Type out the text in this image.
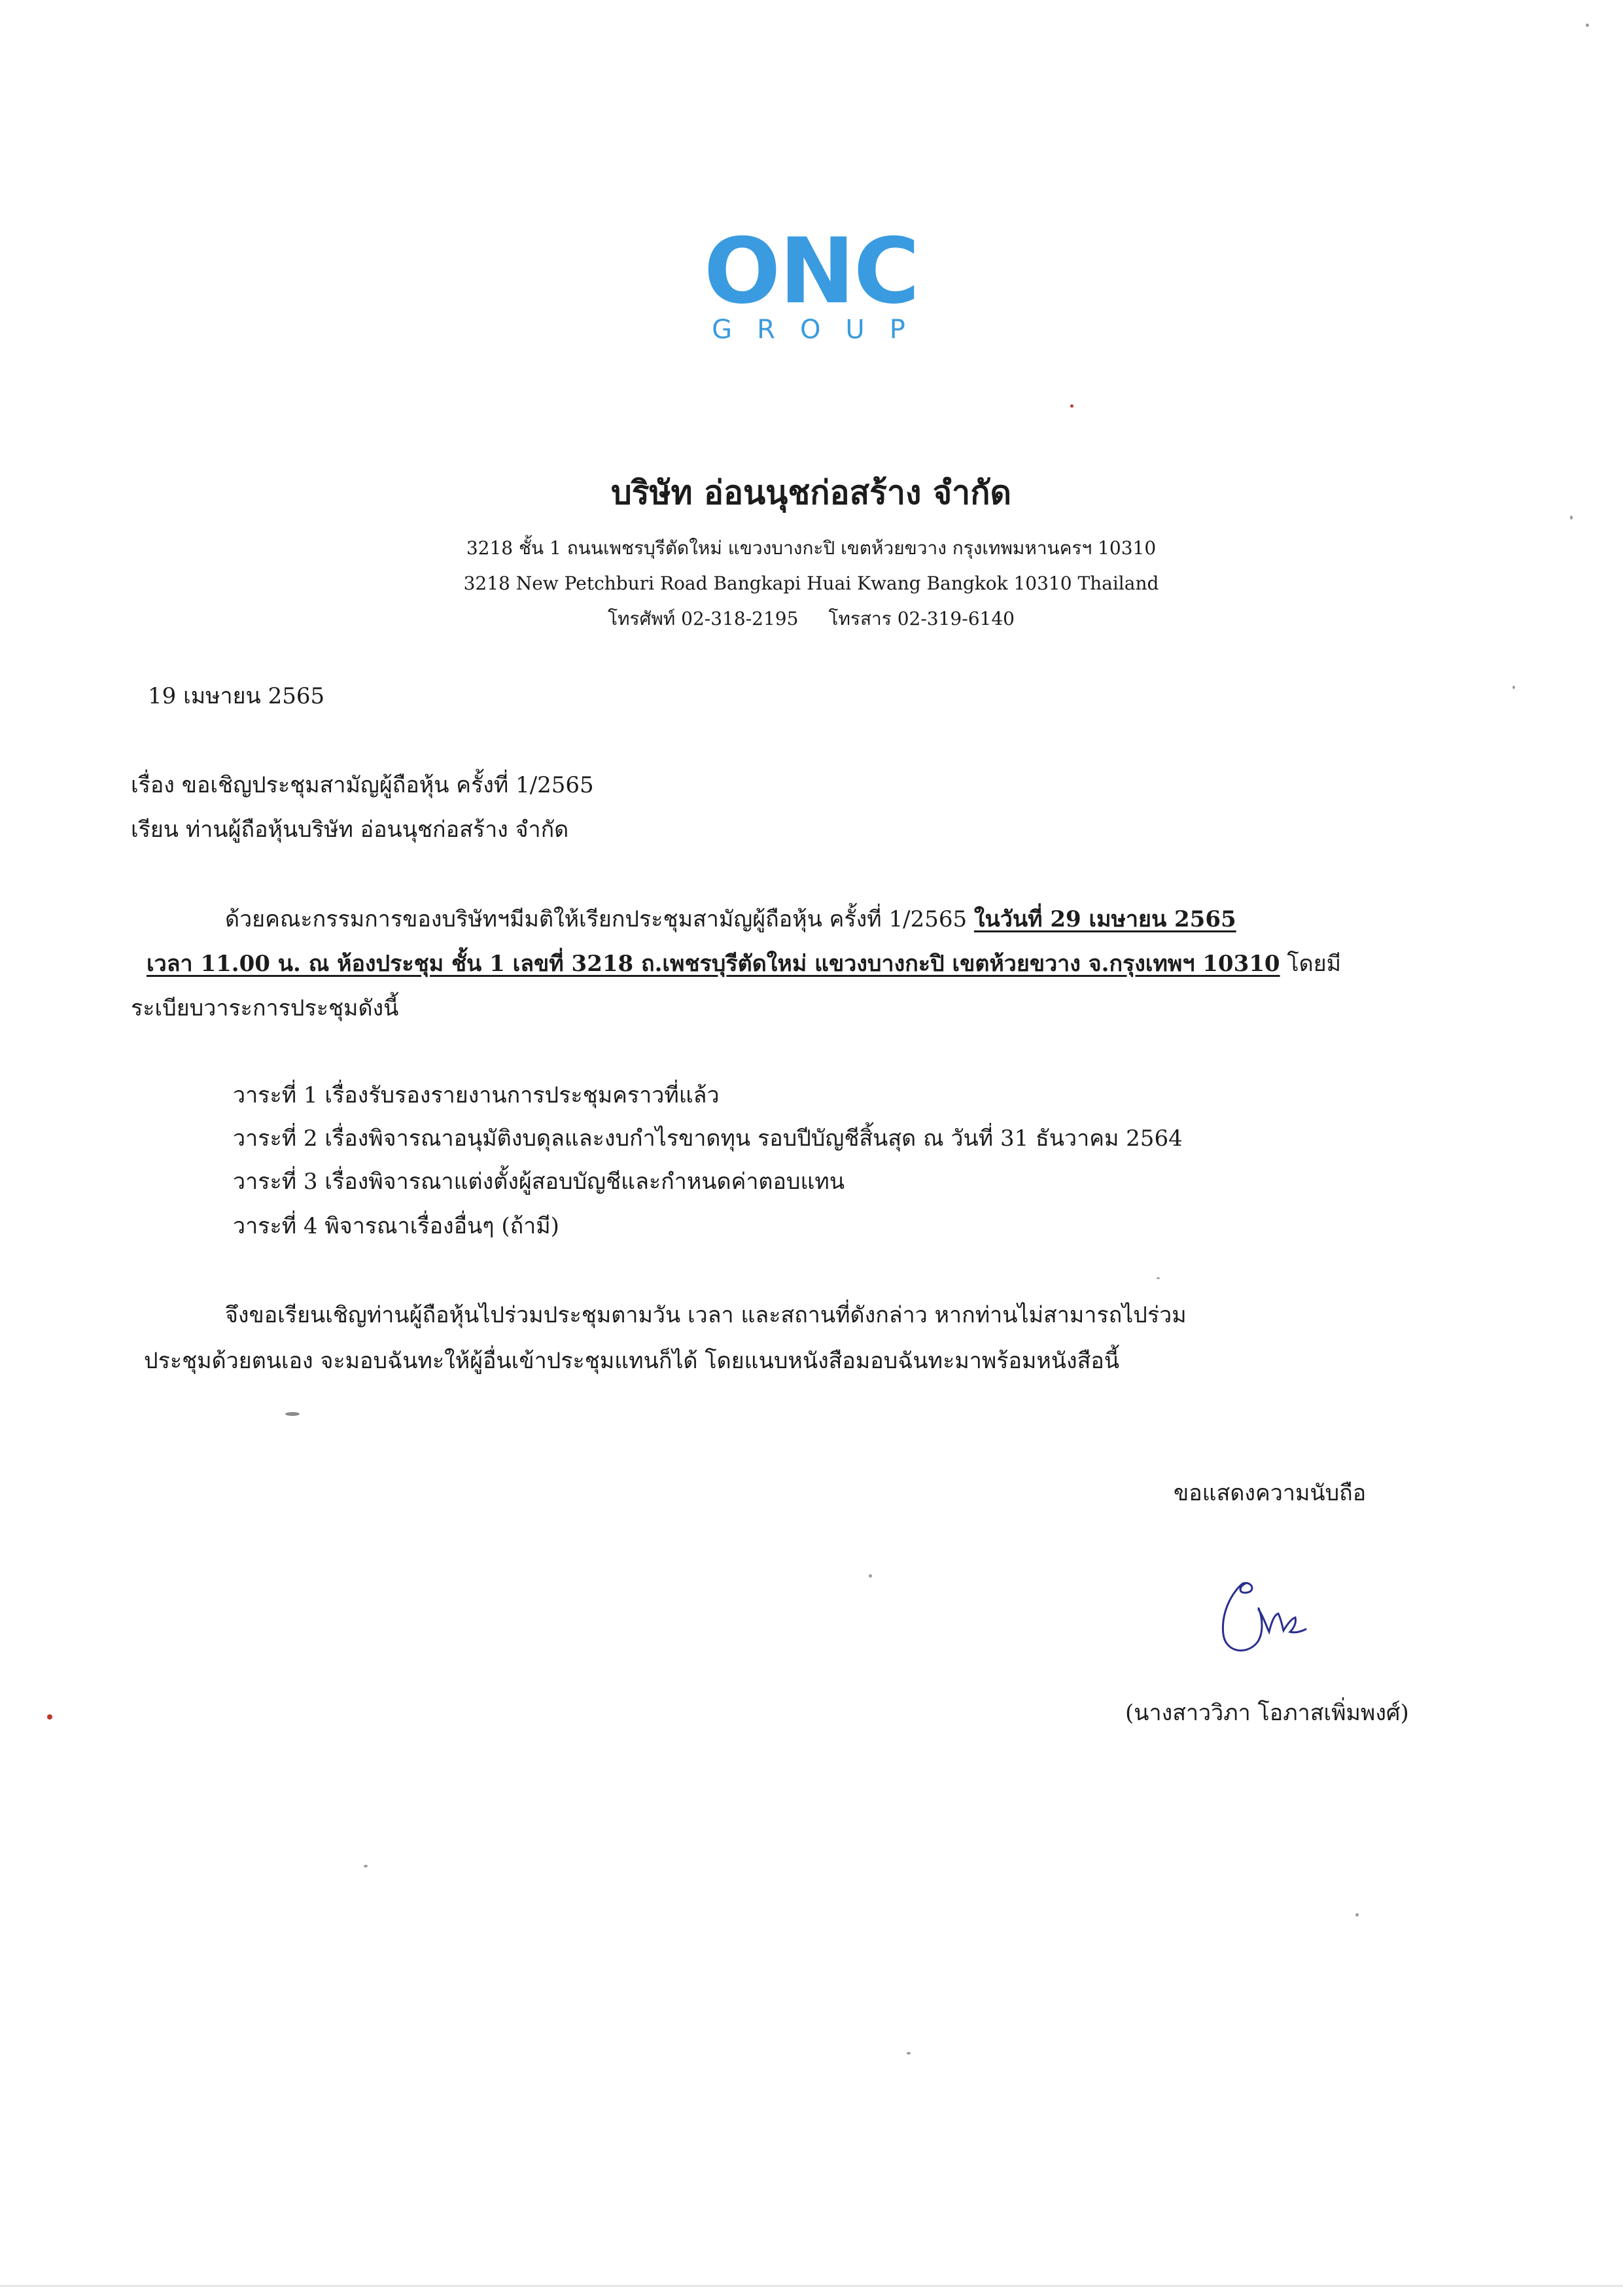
ONC
GROUP
บริษัท อ่อนนุชก่อสร้าง จำกัด
3218 ชั้น 1 ถนนเพชรบุรีตัดใหม่ แขวงบางกะปิ เขตห้วยขวาง กรุงเทพมหานครฯ 10310
3218 New Petchburi Road Bangkapi Huai Kwang Bangkok 10310 Thailand
โทรศัพท์ 02-318-2195 โทรสาร 02-319-6140
19 เมษายน 2565
เรื่อง ขอเชิญประชุมสามัญผู้ถือหุ้น ครั้งที่ 1/2565
เรียน ท่านผู้ถือหุ้นบริษัท อ่อนนุชก่อสร้าง จำกัด
ด้วยคณะกรรมการของบริษัทฯมีมติให้เรียกประชุมสามัญผู้ถือหุ้น ครั้งที่ 1/2565 ในวันที่ 29 เมษายน 2565
เวลา 11.00 น. ณ ห้องประชุม ชั้น 1 เลขที่ 3218 ถ.เพชรบุรีตัดใหม่ แขวงบางกะปิ เขตห้วยขวาง จ.กรุงเทพฯ 10310 โดยมี
ระเบียบวาระการประชุมดังนี้
วาระที่ 1 เรื่องรับรองรายงานการประชุมคราวที่แล้ว
วาระที่ 2 เรื่องพิจารณาอนุมัติงบดุลและงบกำไรขาดทุน รอบปีบัญชีสิ้นสุด ณ วันที่ 31 ธันวาคม 2564
วาระที่ 3 เรื่องพิจารณาแต่งตั้งผู้สอบบัญชีและกำหนดค่าตอบแทน
วาระที่ 4 พิจารณาเรื่องอื่นๆ (ถ้ามี)
จึงขอเรียนเชิญท่านผู้ถือหุ้นไปร่วมประชุมตามวัน เวลา และสถานที่ดังกล่าว หากท่านไม่สามารถไปร่วม
ประชุมด้วยตนเอง จะมอบฉันทะให้ผู้อื่นเข้าประชุมแทนก็ได้ โดยแนบหนังสือมอบฉันทะมาพร้อมหนังสือนี้
ขอแสดงความนับถือ
(นางสาววิภา โอภาสเพิ่มพงศ์)
